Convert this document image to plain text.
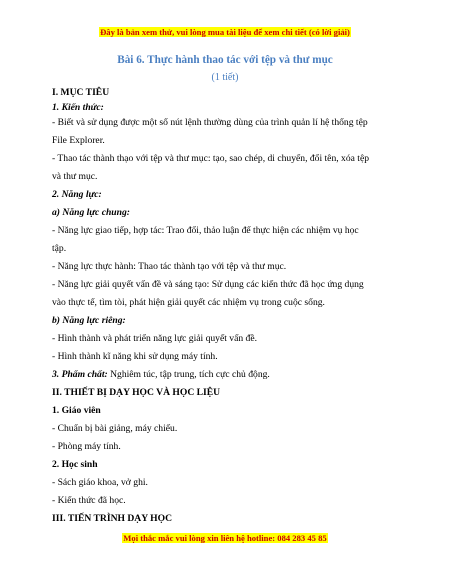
Đây là bản xem thử, vui lòng mua tài liệu để xem chi tiết (có lời giải)
Bài 6. Thực hành thao tác với tệp và thư mục
(1 tiết)
I. MỤC TIÊU
1. Kiến thức:
- Biết và sử dụng được một số nút lệnh thường dùng của trình quản lí hệ thống tệp
File Explorer.
- Thao tác thành thạo với tệp và thư mục: tạo, sao chép, di chuyển, đổi tên, xóa tệp
và thư mục.
2. Năng lực:
a) Năng lực chung:
- Năng lực giao tiếp, hợp tác: Trao đổi, thảo luận để thực hiện các nhiệm vụ học
tập.
- Năng lực thực hành: Thao tác thành tạo với tệp và thư mục.
- Năng lực giải quyết vấn đề và sáng tạo: Sử dụng các kiến thức đã học ứng dụng
vào thực tế, tìm tòi, phát hiện giải quyết các nhiệm vụ trong cuộc sống.
b) Năng lực riêng:
- Hình thành và phát triển năng lực giải quyết vấn đề.
- Hình thành kĩ năng khi sử dụng máy tính.
3. Phẩm chất: Nghiêm túc, tập trung, tích cực chủ động.
II. THIẾT BỊ DẠY HỌC VÀ HỌC LIỆU
1. Giáo viên
- Chuẩn bị bài giảng, máy chiếu.
- Phòng máy tính.
2. Học sinh
- Sách giáo khoa, vở ghi.
- Kiến thức đã học.
III. TIẾN TRÌNH DẠY HỌC
Mọi thắc mắc vui lòng xin liên hệ hotline: 084 283 45 85
